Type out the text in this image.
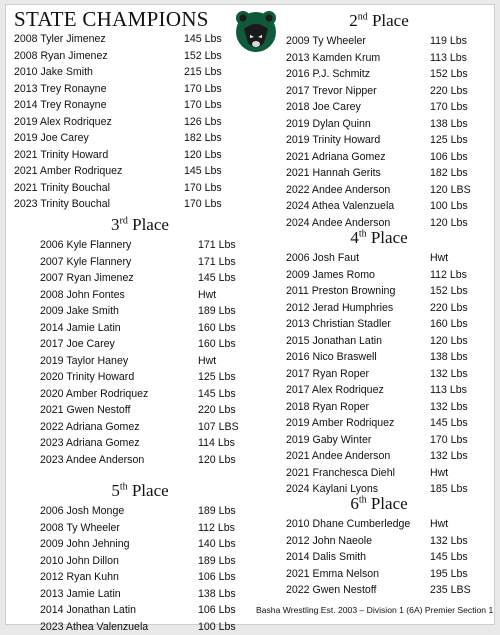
STATE CHAMPIONS
2008 Tyler Jimenez	145 Lbs
2008 Ryan Jimenez	152 Lbs
2010 Jake Smith	215 Lbs
2013 Trey Ronayne	170 Lbs
2014 Trey Ronayne	170 Lbs
2019 Alex Rodriquez	126 Lbs
2019 Joe Carey	182 Lbs
2021 Trinity Howard	120 Lbs
2021 Amber Rodriquez	145 Lbs
2021 Trinity Bouchal	170 Lbs
2023 Trinity Bouchal	170 Lbs
2nd Place
2009 Ty Wheeler	119 Lbs
2013 Kamden Krum	113 Lbs
2016 P.J. Schmitz	152 Lbs
2017 Trevor Nipper	220 Lbs
2018 Joe Carey	170 Lbs
2019 Dylan Quinn	138 Lbs
2019 Trinity Howard	125 Lbs
2021 Adriana Gomez	106 Lbs
2021 Hannah Gerits	182 Lbs
2022 Andee Anderson	120 LBS
2024 Athea Valenzuela	100 Lbs
2024 Andee Anderson	120 Lbs
3rd Place
2006 Kyle Flannery	171 Lbs
2007 Kyle Flannery	171 Lbs
2007 Ryan Jimenez	145 Lbs
2008 John Fontes	Hwt
2009 Jake Smith	189 Lbs
2014 Jamie Latin	160 Lbs
2017 Joe Carey	160 Lbs
2019 Taylor Haney	Hwt
2020 Trinity Howard	125 Lbs
2020 Amber Rodriquez	145 Lbs
2021 Gwen Nestoff	220 Lbs
2022 Adriana Gomez	107 LBS
2023 Adriana Gomez	114 Lbs
2023 Andee Anderson	120 Lbs
4th Place
2006 Josh Faut	Hwt
2009 James Romo	112 Lbs
2011 Preston Browning	152 Lbs
2012 Jerad Humphries	220 Lbs
2013 Christian Stadler	160 Lbs
2015 Jonathan Latin	120 Lbs
2016 Nico Braswell	138 Lbs
2017 Ryan Roper	132 Lbs
2017 Alex Rodriquez	113 Lbs
2018 Ryan Roper	132 Lbs
2019 Amber Rodriquez	145 Lbs
2019 Gaby Winter	170 Lbs
2021 Andee Anderson	132 Lbs
2021 Franchesca Diehl	Hwt
2024 Kaylani Lyons	185 Lbs
5th Place
2006 Josh Monge	189 Lbs
2008 Ty Wheeler	112 Lbs
2009 John Jehning	140 Lbs
2010 John Dillon	189 Lbs
2012 Ryan Kuhn	106 Lbs
2013 Jamie Latin	138 Lbs
2014 Jonathan Latin	106 Lbs
2023 Athea Valenzuela	100 Lbs
6th Place
2010 Dhane Cumberledge Hwt
2012 John Naeole	132 Lbs
2014 Dalis Smith	145 Lbs
2021 Emma Nelson	195 Lbs
2022 Gwen Nestoff	235 LBS
Basha Wrestling Est. 2003 – Division 1 (6A) Premier Section 1
